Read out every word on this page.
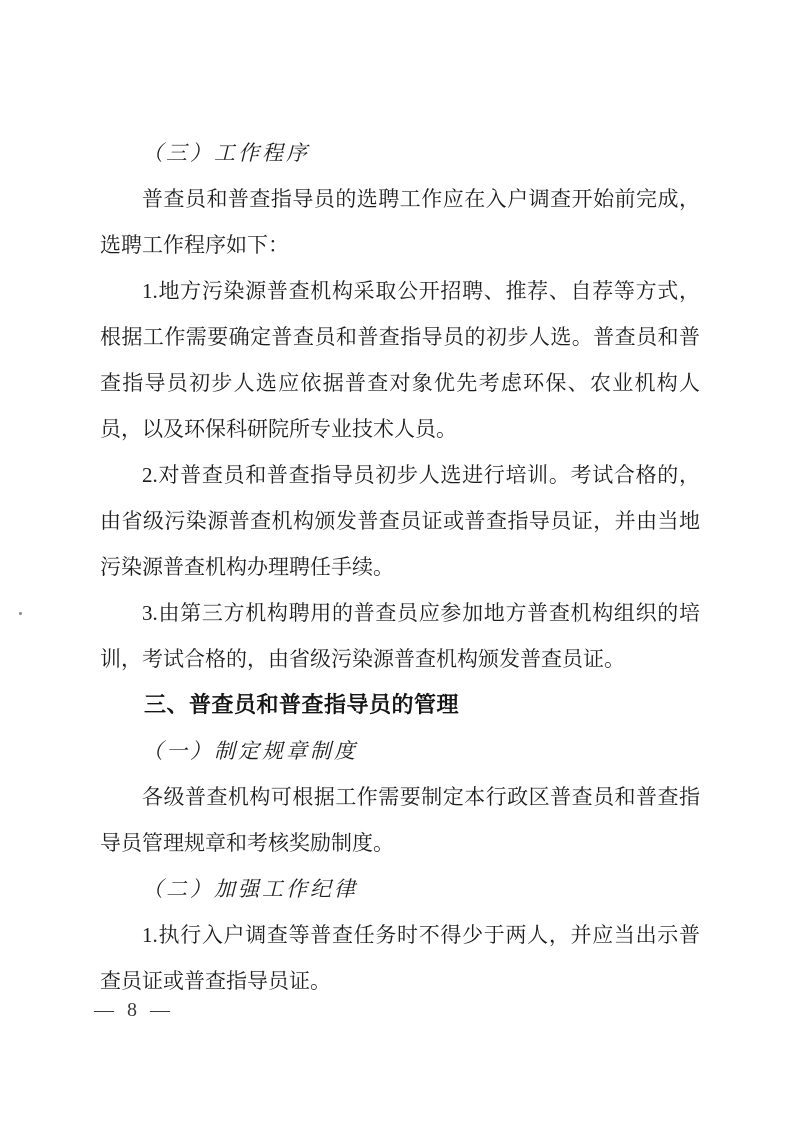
（三）工作程序

普查员和普查指导员的选聘工作应在入户调查开始前完成，选聘工作程序如下：

1.地方污染源普查机构采取公开招聘、推荐、自荐等方式，根据工作需要确定普查员和普查指导员的初步人选。普查员和普查指导员初步人选应依据普查对象优先考虑环保、农业机构人员，以及环保科研院所专业技术人员。

2.对普查员和普查指导员初步人选进行培训。考试合格的，由省级污染源普查机构颁发普查员证或普查指导员证，并由当地污染源普查机构办理聘任手续。

3.由第三方机构聘用的普查员应参加地方普查机构组织的培训，考试合格的，由省级污染源普查机构颁发普查员证。

三、普查员和普查指导员的管理

（一）制定规章制度

各级普查机构可根据工作需要制定本行政区普查员和普查指导员管理规章和考核奖励制度。

（二）加强工作纪律

1.执行入户调查等普查任务时不得少于两人，并应当出示普查员证或普查指导员证。

— 8 —
